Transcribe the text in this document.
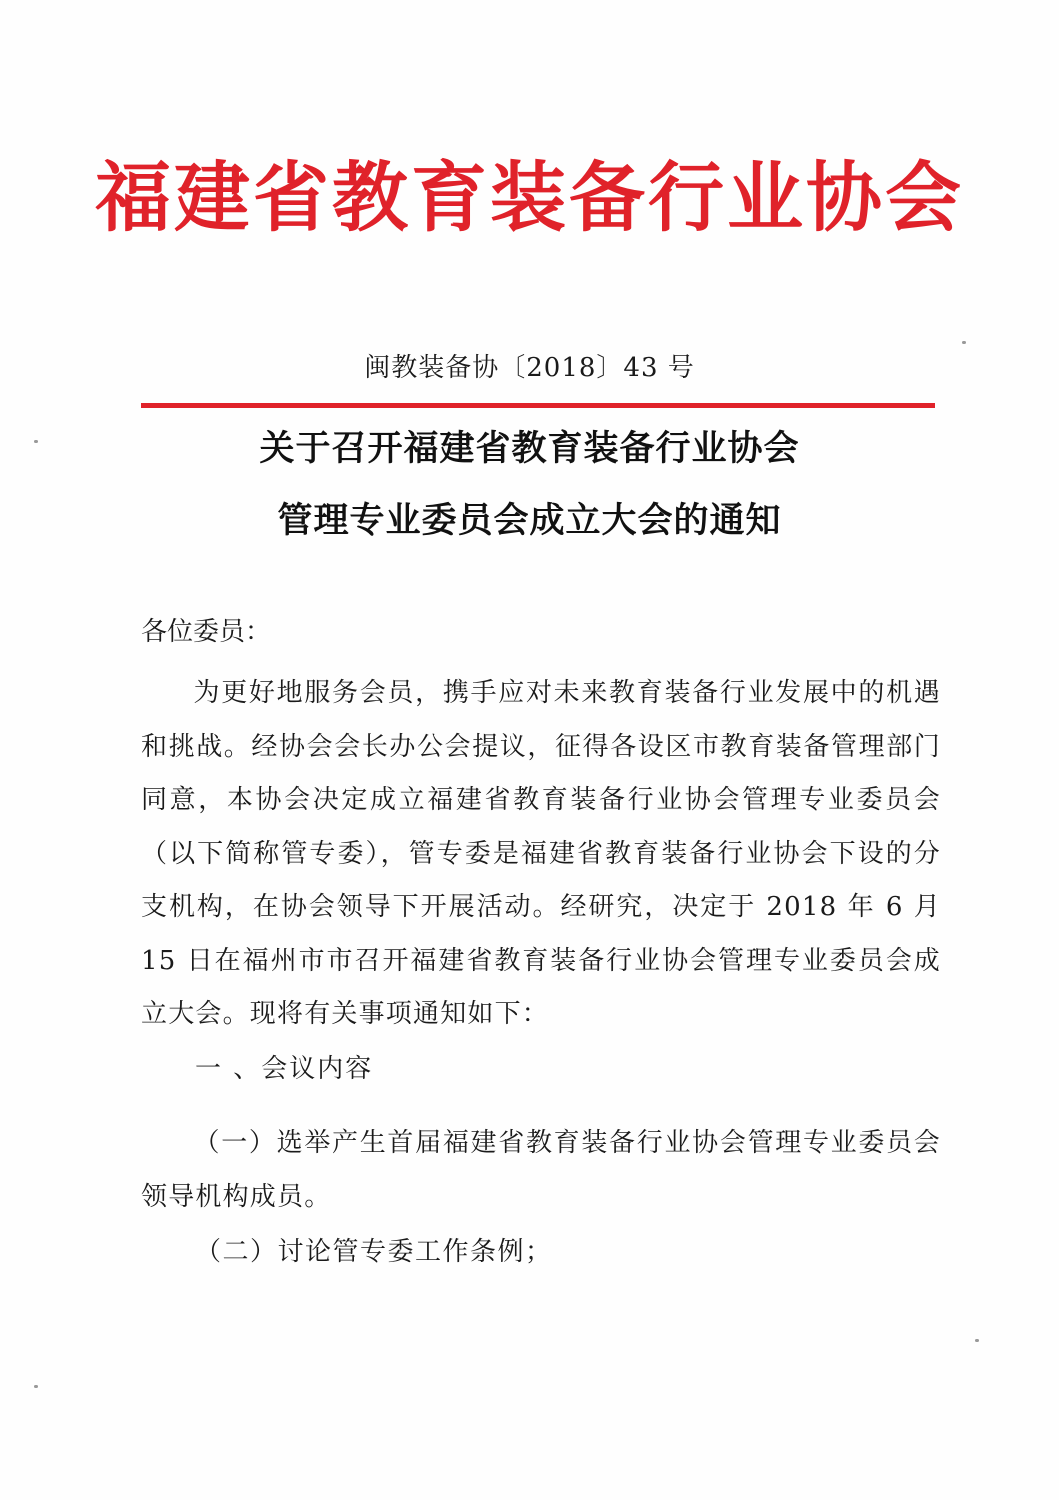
福建省教育装备行业协会
闽教装备协〔2018〕43 号
关于召开福建省教育装备行业协会
管理专业委员会成立大会的通知
各位委员：
为更好地服务会员，携手应对未来教育装备行业发展中的机遇和挑战。经协会会长办公会提议，征得各设区市教育装备管理部门同意，本协会决定成立福建省教育装备行业协会管理专业委员会（以下简称管专委），管专委是福建省教育装备行业协会下设的分支机构，在协会领导下开展活动。经研究，决定于 2018 年 6 月 15 日在福州市市召开福建省教育装备行业协会管理专业委员会成立大会。现将有关事项通知如下：
一 、会议内容
（一）选举产生首届福建省教育装备行业协会管理专业委员会领导机构成员。
（二）讨论管专委工作条例；
